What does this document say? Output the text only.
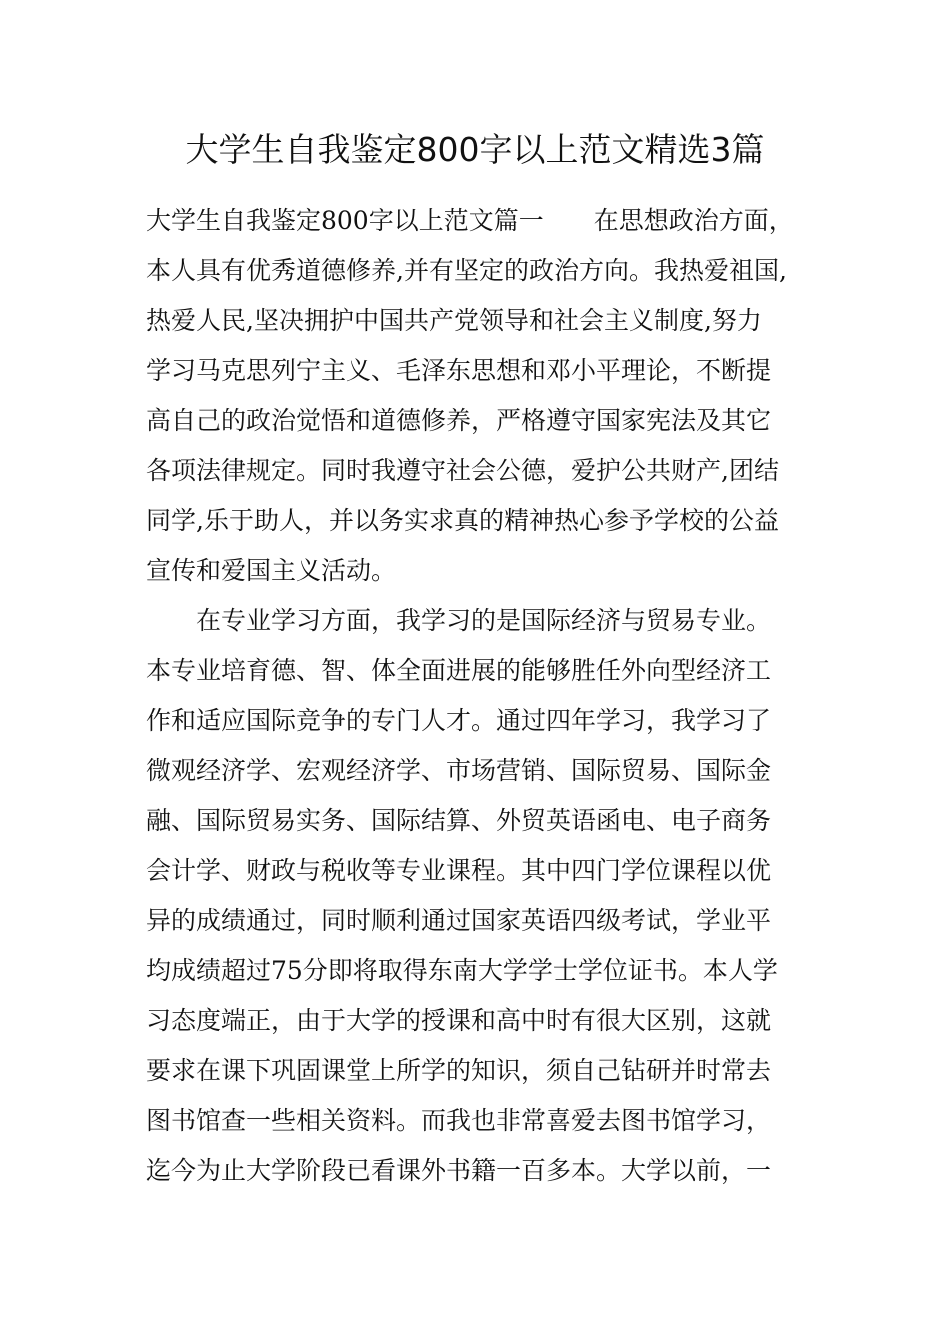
大学生自我鉴定800字以上范文精选3篇
大学生自我鉴定800字以上范文篇一　　在思想政治方面，
本人具有优秀道德修养,并有坚定的政治方向。我热爱祖国,
热爱人民,坚决拥护中国共产党领导和社会主义制度,努力
学习马克思列宁主义、毛泽东思想和邓小平理论，不断提
高自己的政治觉悟和道德修养，严格遵守国家宪法及其它
各项法律规定。同时我遵守社会公德，爱护公共财产,团结
同学,乐于助人，并以务实求真的精神热心参予学校的公益
宣传和爱国主义活动。
　　在专业学习方面，我学习的是国际经济与贸易专业。
本专业培育德、智、体全面进展的能够胜任外向型经济工
作和适应国际竞争的专门人才。通过四年学习，我学习了
微观经济学、宏观经济学、市场营销、国际贸易、国际金
融、国际贸易实务、国际结算、外贸英语函电、电子商务
会计学、财政与税收等专业课程。其中四门学位课程以优
异的成绩通过，同时顺利通过国家英语四级考试，学业平
均成绩超过75分即将取得东南大学学士学位证书。本人学
习态度端正，由于大学的授课和高中时有很大区别，这就
要求在课下巩固课堂上所学的知识，须自己钻研并时常去
图书馆查一些相关资料。而我也非常喜爱去图书馆学习，
迄今为止大学阶段已看课外书籍一百多本。大学以前，一
